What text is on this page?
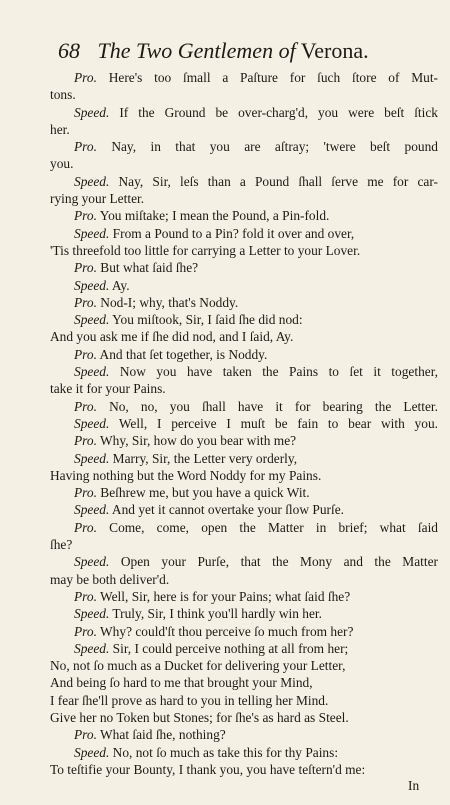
68 The Two Gentlemen of Verona.
Pro. Here's too ſmall a Paſture for ſuch ſtore of Mut-
tons.
Speed. If the Ground be over-charg'd, you were beſt ſtick
her.
Pro. Nay, in that you are aſtray; 'twere beſt pound
you.
Speed. Nay, Sir, leſs than a Pound ſhall ſerve me for car-
rying your Letter.
Pro. You miſtake; I mean the Pound, a Pin-fold.
Speed. From a Pound to a Pin? fold it over and over,
'Tis threefold too little for carrying a Letter to your Lover.
Pro. But what ſaid ſhe?
Speed. Ay.
Pro. Nod-I; why, that's Noddy.
Speed. You miſtook, Sir, I ſaid ſhe did nod:
And you ask me if ſhe did nod, and I ſaid, Ay.
Pro. And that ſet together, is Noddy.
Speed. Now you have taken the Pains to ſet it together,
take it for your Pains.
Pro. No, no, you ſhall have it for bearing the Letter.
Speed. Well, I perceive I muſt be fain to bear with you.
Pro. Why, Sir, how do you bear with me?
Speed. Marry, Sir, the Letter very orderly,
Having nothing but the Word Noddy for my Pains.
Pro. Beſhrew me, but you have a quick Wit.
Speed. And yet it cannot overtake your ſlow Purſe.
Pro. Come, come, open the Matter in brief; what ſaid
ſhe?
Speed. Open your Purſe, that the Mony and the Matter
may be both deliver'd.
Pro. Well, Sir, here is for your Pains; what ſaid ſhe?
Speed. Truly, Sir, I think you'll hardly win her.
Pro. Why? could'ſt thou perceive ſo much from her?
Speed. Sir, I could perceive nothing at all from her;
No, not ſo much as a Ducket for delivering your Letter,
And being ſo hard to me that brought your Mind,
I fear ſhe'll prove as hard to you in telling her Mind.
Give her no Token but Stones; for ſhe's as hard as Steel.
Pro. What ſaid ſhe, nothing?
Speed. No, not ſo much as take this for thy Pains:
To teſtifie your Bounty, I thank you, you have teſtern'd me:
In
